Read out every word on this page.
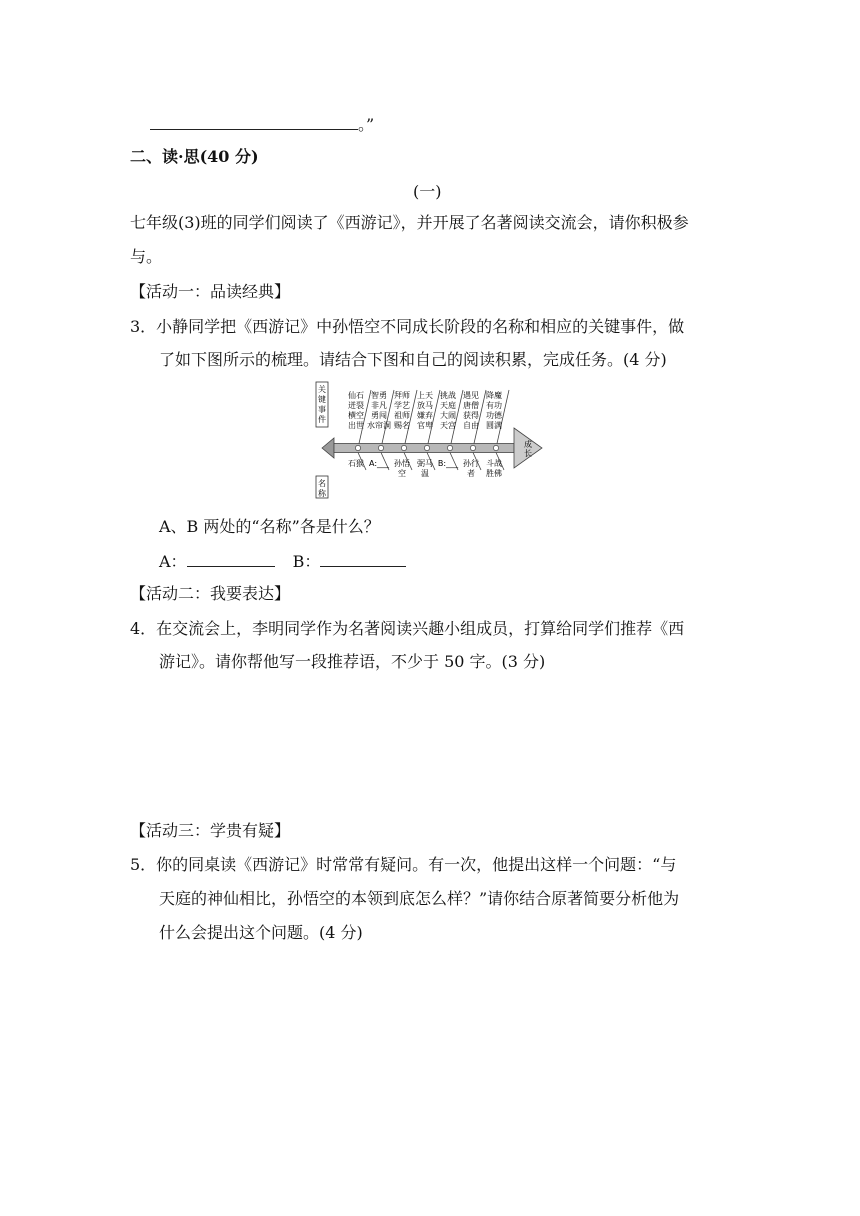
。”
二、读·思(40 分)
(一)
七年级(3)班的同学们阅读了《西游记》，并开展了名著阅读交流会，请你积极参
与。
【活动一：品读经典】
3．小静同学把《西游记》中孙悟空不同成长阶段的名称和相应的关键事件，做
了如下图所示的梳理。请结合下图和自己的阅读积累，完成任务。(4 分)
关
键
事
件
名
称
成
长
仙石
迸裂
横空
出世
智勇
非凡
勇闯
水帘洞
拜师
学艺
祖师
赐名
上天
放马
嫌弃
官卑
挑战
天庭
大闹
天宫
遇见
唐僧
获得
自由
降魔
有功
功德
圆满
石猴 A:___ 孙悟
空
弼马
温
B:___ 孙行
者
斗战
胜佛
A、B 两处的“名称”各是什么？
A：	B：
【活动二：我要表达】
4．在交流会上，李明同学作为名著阅读兴趣小组成员，打算给同学们推荐《西
游记》。请你帮他写一段推荐语，不少于 50 字。(3 分)
【活动三：学贵有疑】
5．你的同桌读《西游记》时常常有疑问。有一次，他提出这样一个问题：“与
天庭的神仙相比，孙悟空的本领到底怎么样？”请你结合原著简要分析他为
什么会提出这个问题。(4 分)
